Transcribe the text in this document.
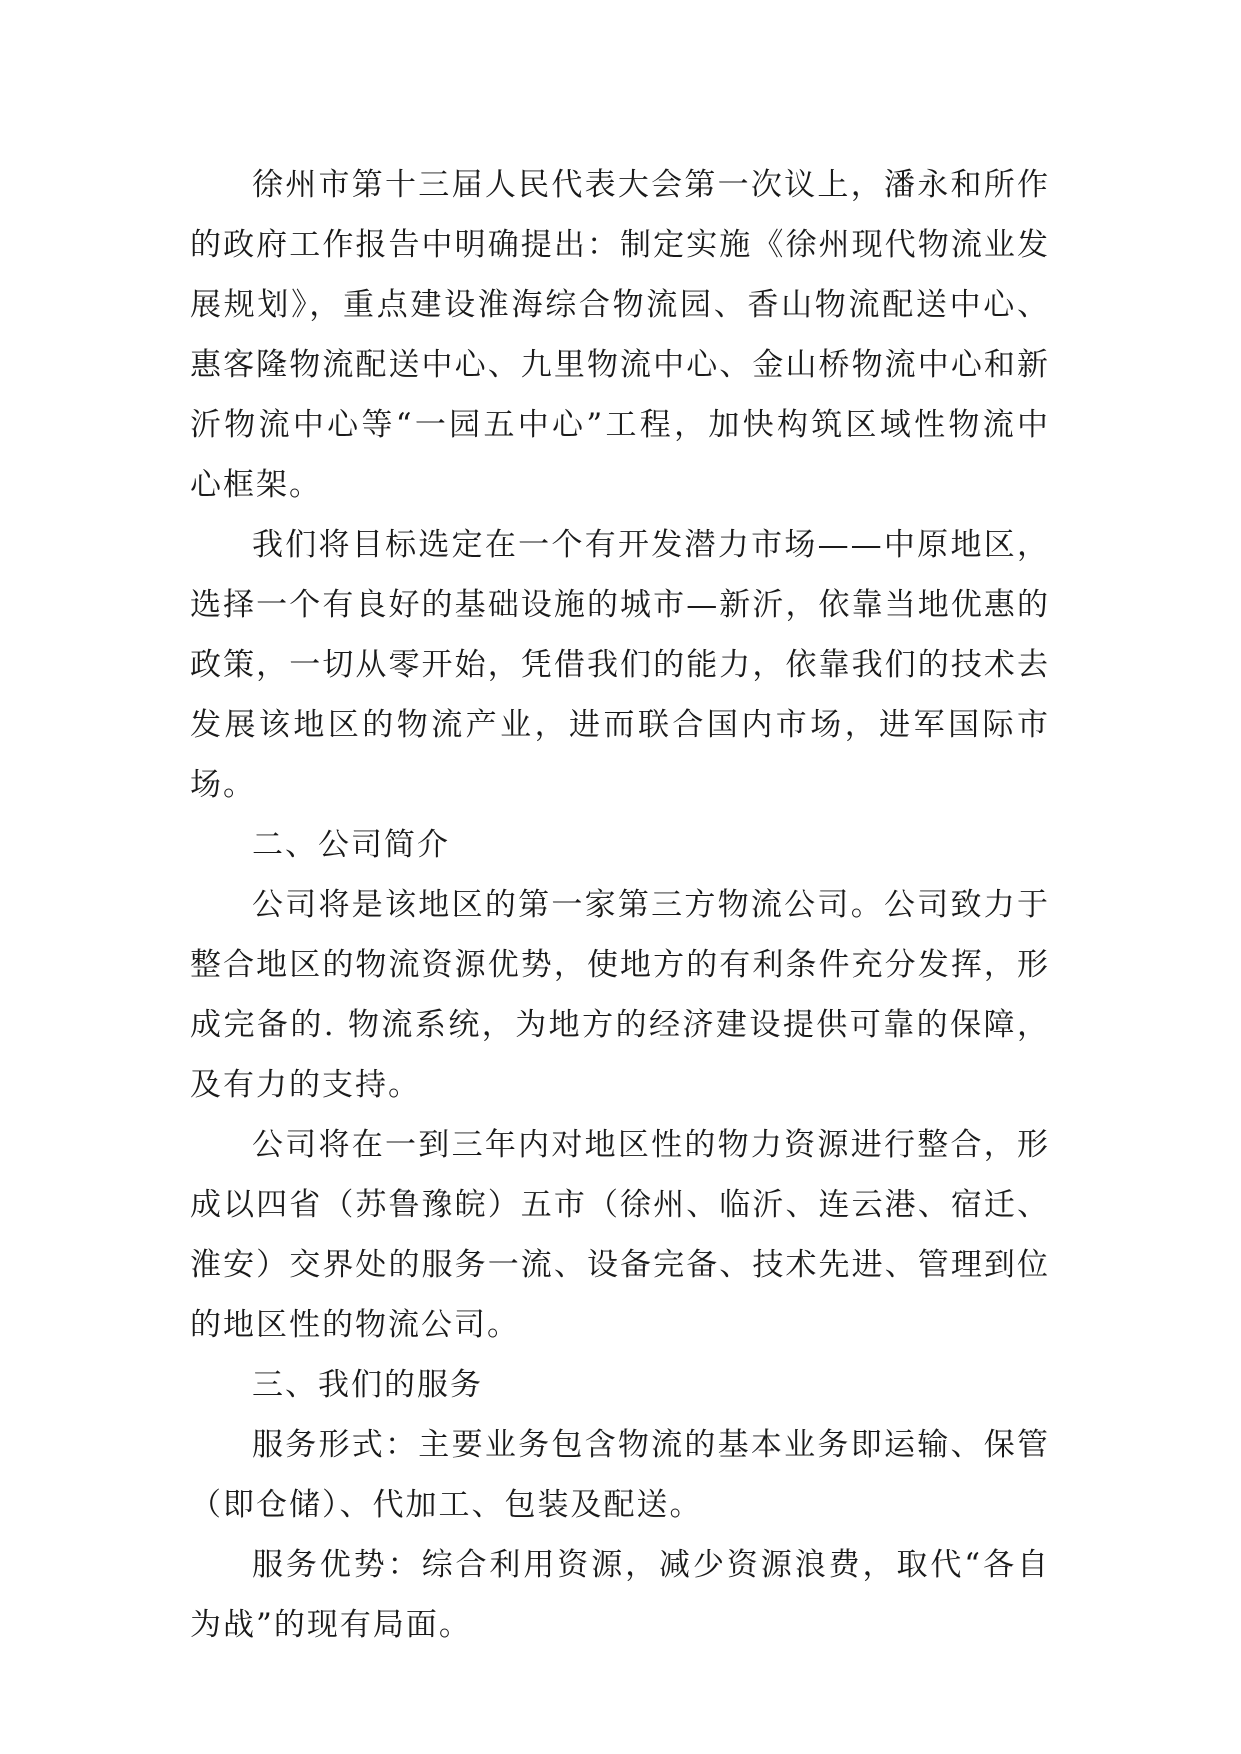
徐州市第十三届人民代表大会第一次议上，潘永和所作的政府工作报告中明确提出：制定实施《徐州现代物流业发展规划》，重点建设淮海综合物流园、香山物流配送中心、惠客隆物流配送中心、九里物流中心、金山桥物流中心和新沂物流中心等“一园五中心”工程，加快构筑区域性物流中心框架。

我们将目标选定在一个有开发潜力市场——中原地区，选择一个有良好的基础设施的城市—新沂，依靠当地优惠的政策，一切从零开始，凭借我们的能力，依靠我们的技术去发展该地区的物流产业，进而联合国内市场，进军国际市场。

二、公司简介

公司将是该地区的第一家第三方物流公司。公司致力于整合地区的物流资源优势，使地方的有利条件充分发挥，形成完备的. 物流系统，为地方的经济建设提供可靠的保障，及有力的支持。

公司将在一到三年内对地区性的物力资源进行整合，形成以四省（苏鲁豫皖）五市（徐州、临沂、连云港、宿迁、淮安）交界处的服务一流、设备完备、技术先进、管理到位的地区性的物流公司。

三、我们的服务

服务形式：主要业务包含物流的基本业务即运输、保管（即仓储）、代加工、包装及配送。

服务优势：综合利用资源，减少资源浪费，取代“各自为战”的现有局面。
